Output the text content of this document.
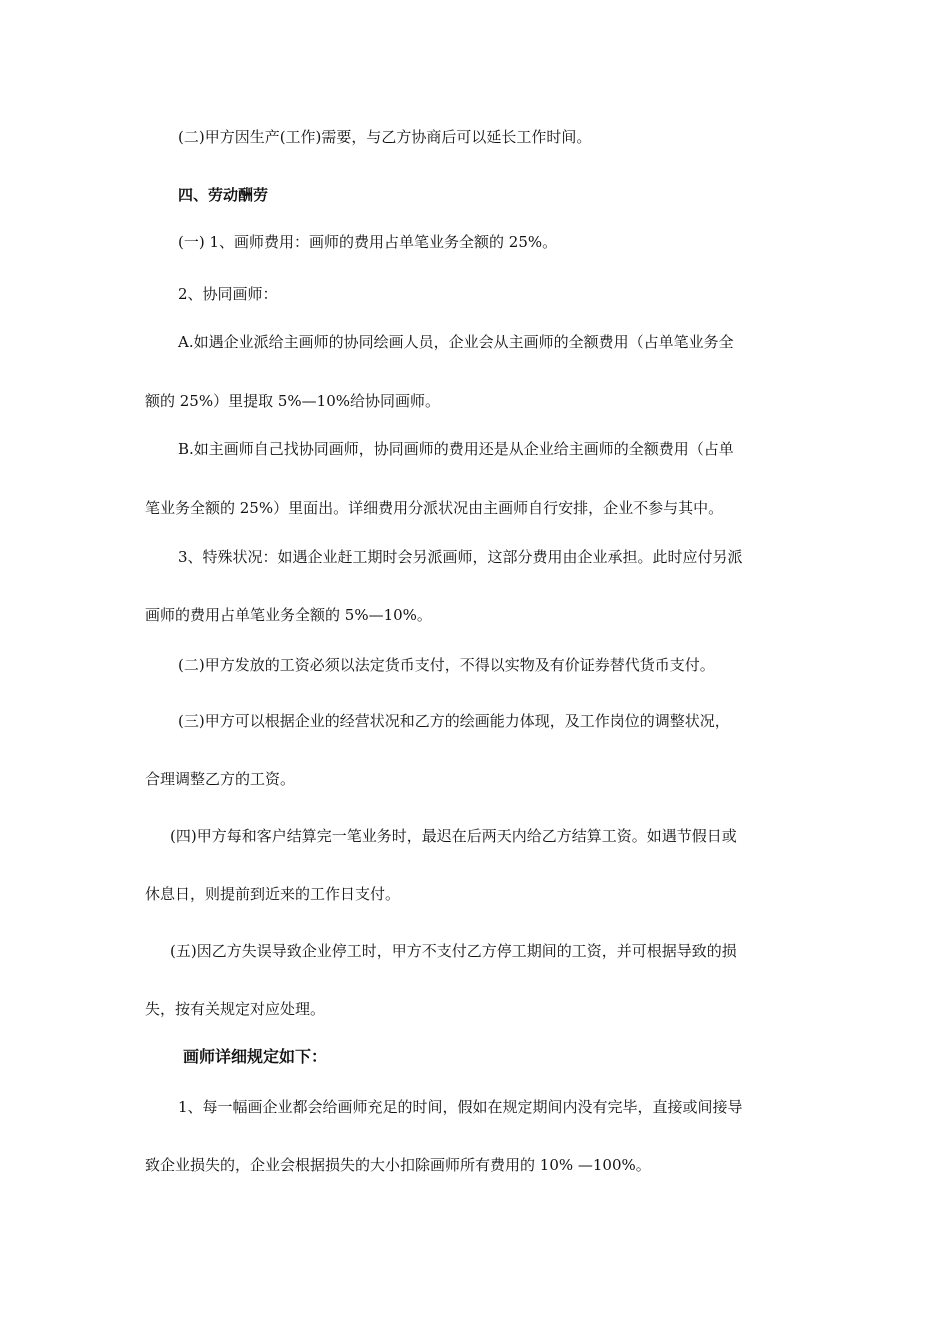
(二)甲方因生产(工作)需要，与乙方协商后可以延长工作时间。
四、劳动酬劳
(一) 1、画师费用：画师的费用占单笔业务全额的 25%。
2、协同画师：
A.如遇企业派给主画师的协同绘画人员，企业会从主画师的全额费用（占单笔业务全
额的 25%）里提取 5%—10%给协同画师。
B.如主画师自己找协同画师，协同画师的费用还是从企业给主画师的全额费用（占单
笔业务全额的 25%）里面出。详细费用分派状况由主画师自行安排，企业不参与其中。
3、特殊状况：如遇企业赶工期时会另派画师，这部分费用由企业承担。此时应付另派
画师的费用占单笔业务全额的 5%—10%。
(二)甲方发放的工资必须以法定货币支付，不得以实物及有价证券替代货币支付。
(三)甲方可以根据企业的经营状况和乙方的绘画能力体现，及工作岗位的调整状况，
合理调整乙方的工资。
(四)甲方每和客户结算完一笔业务时，最迟在后两天内给乙方结算工资。如遇节假日或
休息日，则提前到近来的工作日支付。
(五)因乙方失误导致企业停工时，甲方不支付乙方停工期间的工资，并可根据导致的损
失，按有关规定对应处理。
画师详细规定如下：
1、每一幅画企业都会给画师充足的时间，假如在规定期间内没有完毕，直接或间接导
致企业损失的，企业会根据损失的大小扣除画师所有费用的 10% —100%。
